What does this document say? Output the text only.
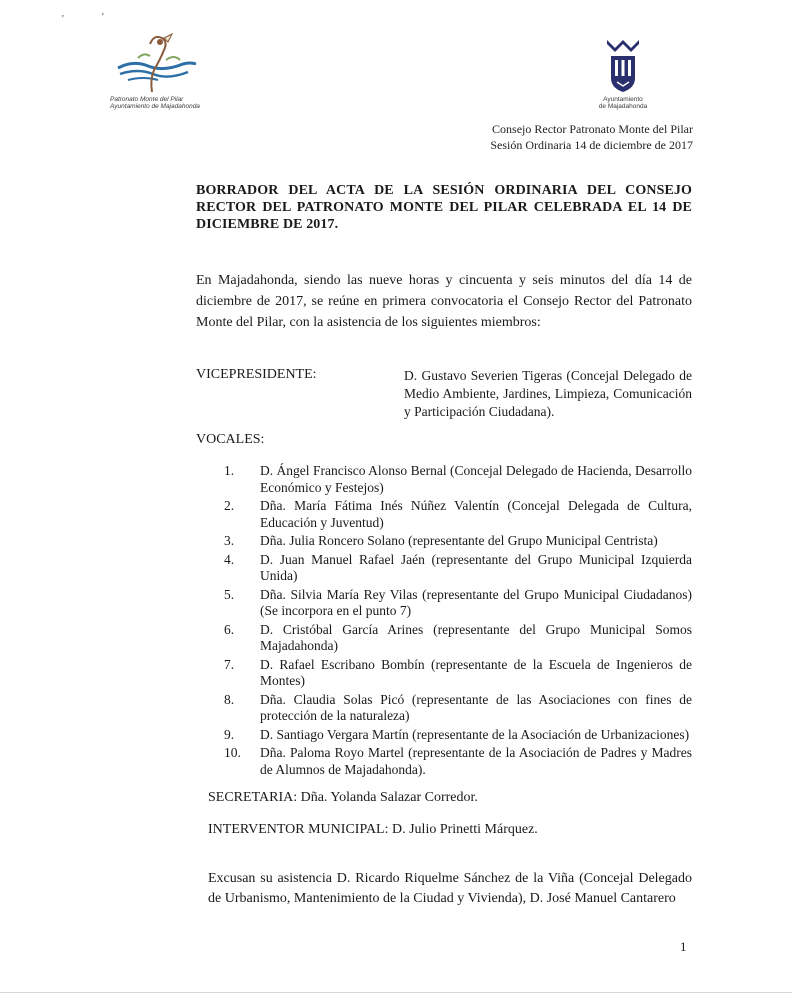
'	'
Patronato Monte del Pilar
Ayuntamiento de Majadahonda
Ayuntamiento
de Majadahonda
Consejo Rector Patronato Monte del Pilar
Sesión Ordinaria 14 de diciembre de 2017
BORRADOR DEL ACTA DE LA SESIÓN ORDINARIA DEL CONSEJO RECTOR DEL PATRONATO MONTE DEL PILAR CELEBRADA EL 14 DE DICIEMBRE DE 2017.
En Majadahonda, siendo las nueve horas y cincuenta y seis minutos del día 14 de diciembre de 2017, se reúne en primera convocatoria el Consejo Rector del Patronato Monte del Pilar, con la asistencia de los siguientes miembros:
VICEPRESIDENTE:	D. Gustavo Severien Tigeras (Concejal Delegado de Medio Ambiente, Jardines, Limpieza, Comunicación y Participación Ciudadana).
VOCALES:
1.	D. Ángel Francisco Alonso Bernal (Concejal Delegado de Hacienda, Desarrollo Económico y Festejos)
2.	Dña. María Fátima Inés Núñez Valentín (Concejal Delegada de Cultura, Educación y Juventud)
3.	Dña. Julia Roncero Solano (representante del Grupo Municipal Centrista)
4.	D. Juan Manuel Rafael Jaén (representante del Grupo Municipal Izquierda Unida)
5.	Dña. Silvia María Rey Vilas (representante del Grupo Municipal Ciudadanos) (Se incorpora en el punto 7)
6.	D. Cristóbal García Arines (representante del Grupo Municipal Somos Majadahonda)
7.	D. Rafael Escribano Bombín (representante de la Escuela de Ingenieros de Montes)
8.	Dña. Claudia Solas Picó (representante de las Asociaciones con fines de protección de la naturaleza)
9.	D. Santiago Vergara Martín (representante de la Asociación de Urbanizaciones)
10.	Dña. Paloma Royo Martel (representante de la Asociación de Padres y Madres de Alumnos de Majadahonda).
SECRETARIA: Dña. Yolanda Salazar Corredor.
INTERVENTOR MUNICIPAL: D. Julio Prinetti Márquez.
Excusan su asistencia D. Ricardo Riquelme Sánchez de la Viña (Concejal Delegado de Urbanismo, Mantenimiento de la Ciudad y Vivienda), D. José Manuel Cantarero
1
